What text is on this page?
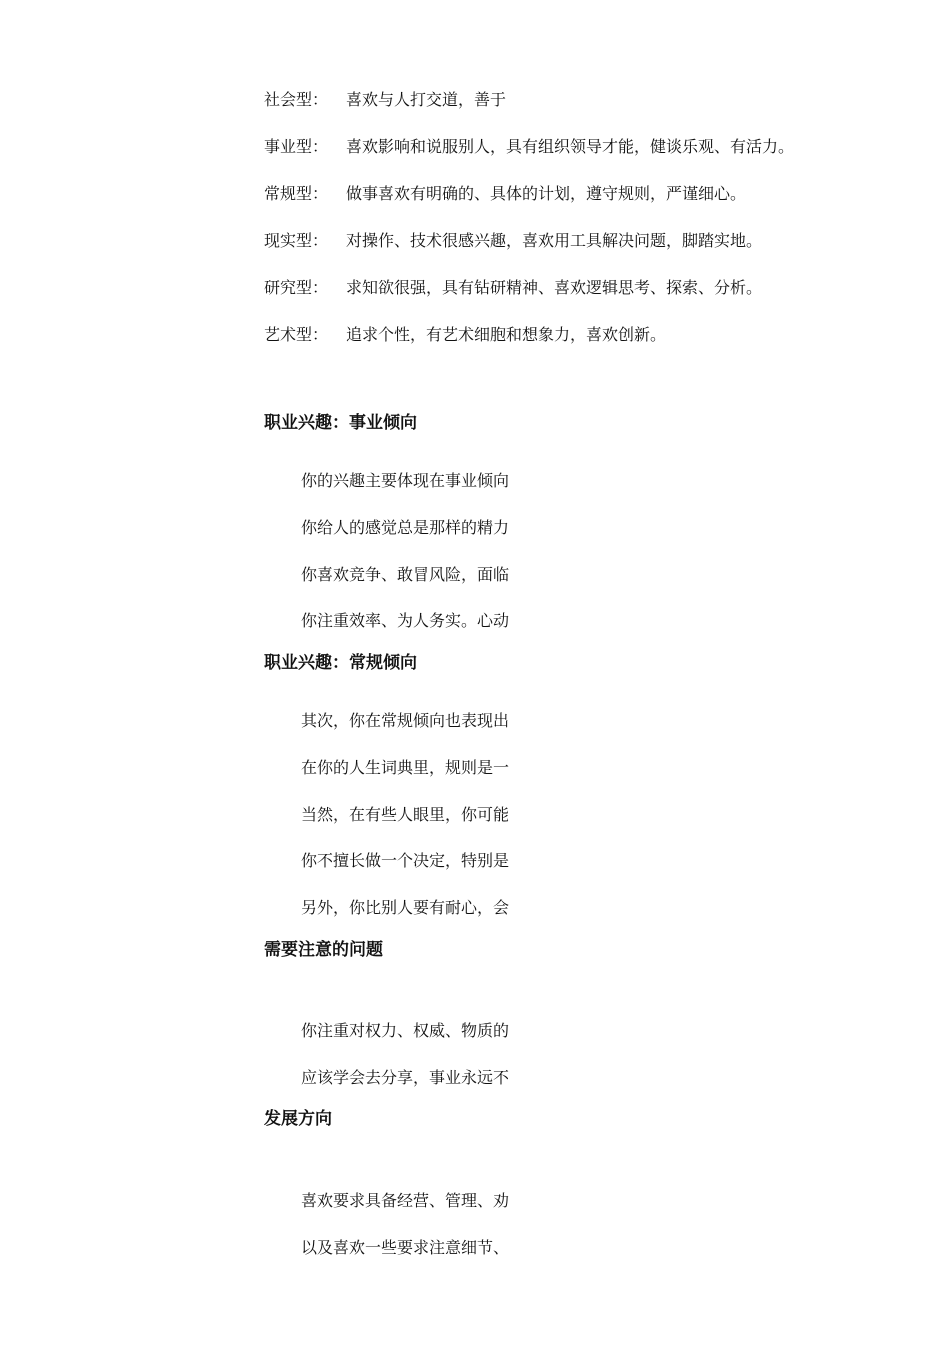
社会型： 喜欢与人打交道，善于
事业型： 喜欢影响和说服别人，具有组织领导才能，健谈乐观、有活力。
常规型： 做事喜欢有明确的、具体的计划，遵守规则，严谨细心。
现实型： 对操作、技术很感兴趣，喜欢用工具解决问题，脚踏实地。
研究型： 求知欲很强，具有钻研精神、喜欢逻辑思考、探索、分析。
艺术型： 追求个性，有艺术细胞和想象力，喜欢创新。
职业兴趣：事业倾向
你的兴趣主要体现在事业倾向
你给人的感觉总是那样的精力
你喜欢竞争、敢冒风险，面临
你注重效率、为人务实。心动
职业兴趣：常规倾向
其次，你在常规倾向也表现出
在你的人生词典里，规则是一
当然，在有些人眼里，你可能
你不擅长做一个决定，特别是
另外，你比别人要有耐心，会
需要注意的问题
你注重对权力、权威、物质的
应该学会去分享，事业永远不
发展方向
喜欢要求具备经营、管理、劝
以及喜欢一些要求注意细节、
